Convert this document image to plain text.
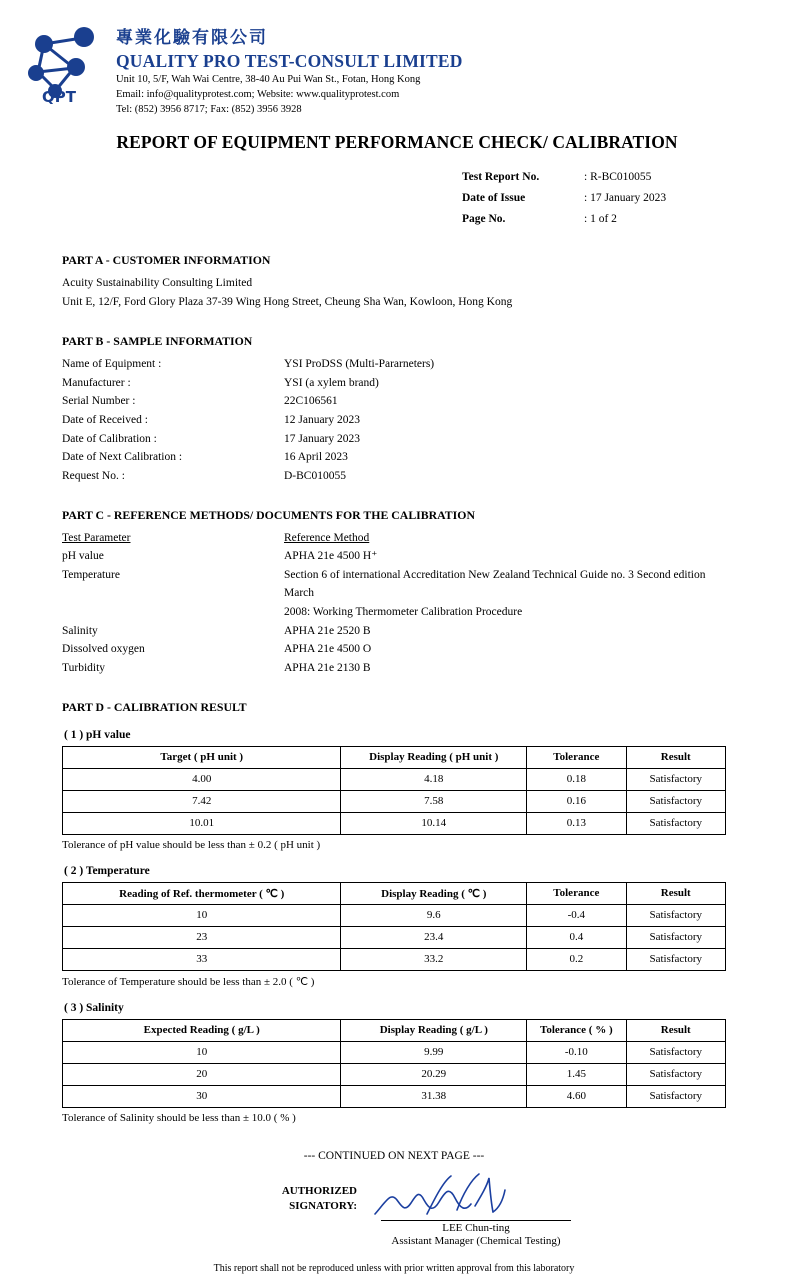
QPT
專業化驗有限公司
QUALITY PRO TEST-CONSULT LIMITED
Unit 10, 5/F, Wah Wai Centre, 38-40 Au Pui Wan St., Fotan, Hong Kong
Email: info@qualityprotest.com; Website: www.qualityprotest.com
Tel: (852) 3956 8717; Fax: (852) 3956 3928
REPORT OF EQUIPMENT PERFORMANCE CHECK/ CALIBRATION
Test Report No.	: R-BC010055
Date of Issue	: 17 January 2023
Page No.	: 1 of 2
PART A - CUSTOMER INFORMATION
Acuity Sustainability Consulting Limited
Unit E, 12/F, Ford Glory Plaza 37-39 Wing Hong Street, Cheung Sha Wan, Kowloon, Hong Kong
PART B - SAMPLE INFORMATION
Name of Equipment :	YSI ProDSS (Multi-Pararneters)
Manufacturer :	YSI (a xylem brand)
Serial Number :	22C106561
Date of Received :	12 January 2023
Date of Calibration :	17 January 2023
Date of Next Calibration :	16 April 2023
Request No. :	D-BC010055
PART C - REFERENCE METHODS/ DOCUMENTS FOR THE CALIBRATION
Test Parameter	Reference Method
pH value	APHA 21e 4500 H⁺
Temperature	Section 6 of international Accreditation New Zealand Technical Guide no. 3 Second edition March
2008: Working Thermometer Calibration Procedure
Salinity	APHA 21e 2520 B
Dissolved oxygen	APHA 21e 4500 O
Turbidity	APHA 21e 2130 B
PART D - CALIBRATION RESULT
( 1 ) pH value
Target ( pH unit )	Display Reading ( pH unit )	Tolerance	Result
4.00	4.18	0.18	Satisfactory
7.42	7.58	0.16	Satisfactory
10.01	10.14	0.13	Satisfactory
Tolerance of pH value should be less than ± 0.2 ( pH unit )
( 2 ) Temperature
Reading of Ref. thermometer ( ℃ )	Display Reading ( ℃ )	Tolerance	Result
10	9.6	-0.4	Satisfactory
23	23.4	0.4	Satisfactory
33	33.2	0.2	Satisfactory
Tolerance of Temperature should be less than ± 2.0 ( ℃ )
( 3 ) Salinity
Expected Reading ( g/L )	Display Reading ( g/L )	Tolerance ( % )	Result
10	9.99	-0.10	Satisfactory
20	20.29	1.45	Satisfactory
30	31.38	4.60	Satisfactory
Tolerance of Salinity should be less than ± 10.0 ( % )
--- CONTINUED ON NEXT PAGE ---
AUTHORIZED
SIGNATORY:
LEE Chun-ting
Assistant Manager (Chemical Testing)
This report shall not be reproduced unless with prior written approval from this laboratory
